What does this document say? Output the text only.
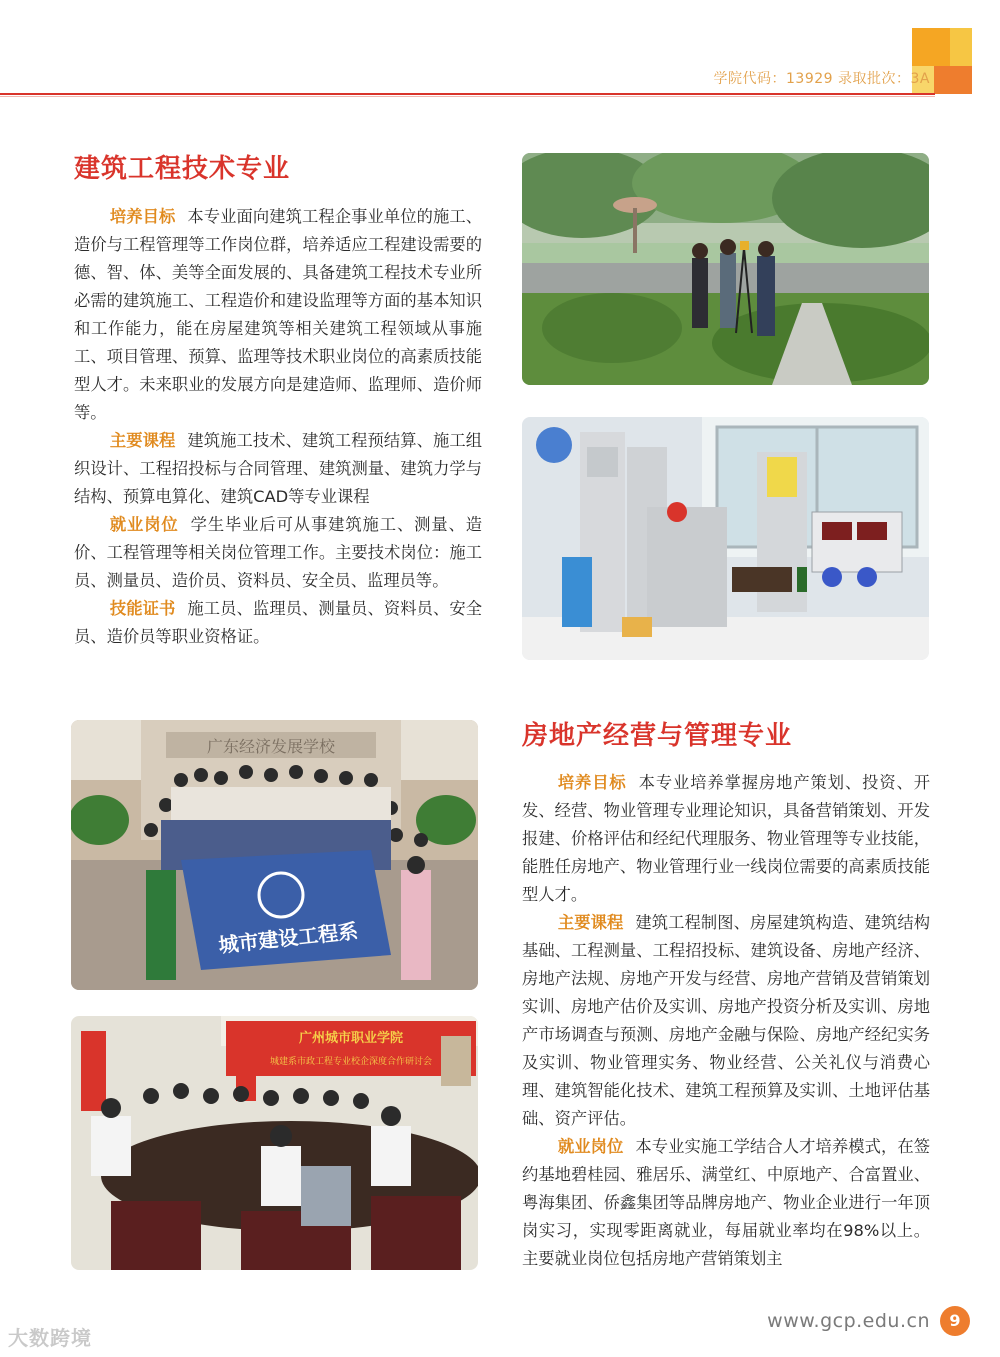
学院代码：13929 录取批次：3A
建筑工程技术专业

培养目标 本专业面向建筑工程企事业单位的施工、造价与工程管理等工作岗位群，培养适应工程建设需要的德、智、体、美等全面发展的、具备建筑工程技术专业所必需的建筑施工、工程造价和建设监理等方面的基本知识和工作能力，能在房屋建筑等相关建筑工程领域从事施工、项目管理、预算、监理等技术职业岗位的高素质技能型人才。未来职业的发展方向是建造师、监理师、造价师等。

主要课程 建筑施工技术、建筑工程预结算、施工组织设计、工程招投标与合同管理、建筑测量、建筑力学与结构、预算电算化、建筑CAD等专业课程

就业岗位 学生毕业后可从事建筑施工、测量、造价、工程管理等相关岗位管理工作。主要技术岗位：施工员、测量员、造价员、资料员、安全员、监理员等。

技能证书 施工员、监理员、测量员、资料员、安全员、造价员等职业资格证。

广东经济发展学校
城市建设工程系
广州城市职业学院
城建系市政工程专业校企深度合作研讨会
房地产经营与管理专业

培养目标 本专业培养掌握房地产策划、投资、开发、经营、物业管理专业理论知识，具备营销策划、开发报建、价格评估和经纪代理服务、物业管理等专业技能，能胜任房地产、物业管理行业一线岗位需要的高素质技能型人才。

主要课程 建筑工程制图、房屋建筑构造、建筑结构基础、工程测量、工程招投标、建筑设备、房地产经济、房地产法规、房地产开发与经营、房地产营销及营销策划实训、房地产估价及实训、房地产投资分析及实训、房地产市场调查与预测、房地产金融与保险、房地产经纪实务及实训、物业管理实务、物业经营、公关礼仪与消费心理、建筑智能化技术、建筑工程预算及实训、土地评估基础、资产评估。

就业岗位 本专业实施工学结合人才培养模式，在签约基地碧桂园、雅居乐、满堂红、中原地产、合富置业、粤海集团、侨鑫集团等品牌房地产、物业企业进行一年顶岗实习，实现零距离就业，每届就业率均在98%以上。主要就业岗位包括房地产营销策划主

大数跨境
www.gcp.edu.cn	9
